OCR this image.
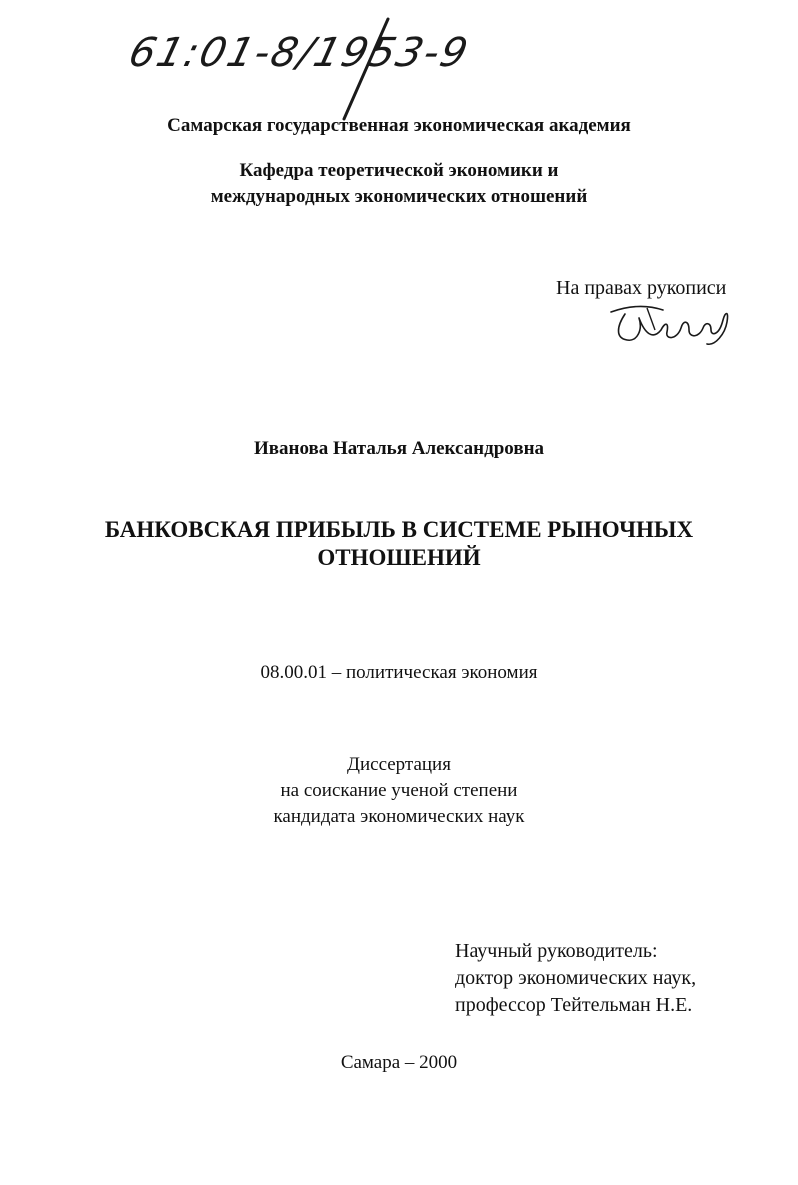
61:01-8/1953-9

Самарская государственная экономическая академия

Кафедра теоретической экономики и
международных экономических отношений

На правах рукописи

Иванова Наталья Александровна

БАНКОВСКАЯ ПРИБЫЛЬ В СИСТЕМЕ РЫНОЧНЫХ
ОТНОШЕНИЙ

08.00.01 – политическая экономия

Диссертация
на соискание ученой степени
кандидата экономических наук

Научный руководитель:
доктор экономических наук,
профессор Тейтельман Н.Е.

Самара – 2000
